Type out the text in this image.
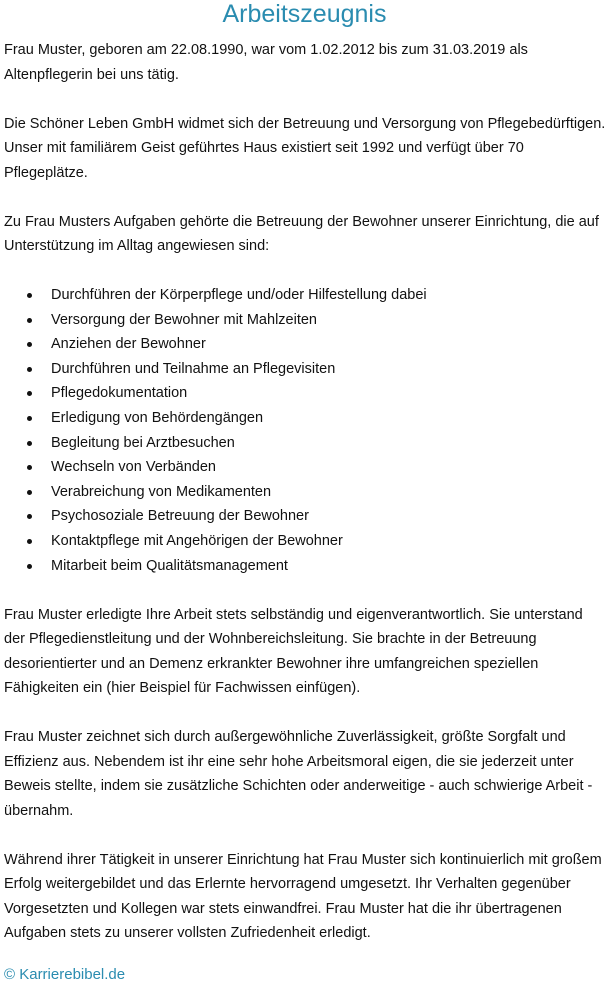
Arbeitszeugnis

Frau Muster, geboren am 22.08.1990, war vom 1.02.2012 bis zum 31.03.2019 als Altenpflegerin bei uns tätig.

Die Schöner Leben GmbH widmet sich der Betreuung und Versorgung von Pflegebedürftigen. Unser mit familiärem Geist geführtes Haus existiert seit 1992 und verfügt über 70 Pflegeplätze.

Zu Frau Musters Aufgaben gehörte die Betreuung der Bewohner unserer Einrichtung, die auf Unterstützung im Alltag angewiesen sind:

Durchführen der Körperpflege und/oder Hilfestellung dabei
Versorgung der Bewohner mit Mahlzeiten
Anziehen der Bewohner
Durchführen und Teilnahme an Pflegevisiten
Pflegedokumentation
Erledigung von Behördengängen
Begleitung bei Arztbesuchen
Wechseln von Verbänden
Verabreichung von Medikamenten
Psychosoziale Betreuung der Bewohner
Kontaktpflege mit Angehörigen der Bewohner
Mitarbeit beim Qualitätsmanagement

Frau Muster erledigte Ihre Arbeit stets selbständig und eigenverantwortlich. Sie unterstand der Pflegedienstleitung und der Wohnbereichsleitung. Sie brachte in der Betreuung desorientierter und an Demenz erkrankter Bewohner ihre umfangreichen speziellen Fähigkeiten ein (hier Beispiel für Fachwissen einfügen).

Frau Muster zeichnet sich durch außergewöhnliche Zuverlässigkeit, größte Sorgfalt und Effizienz aus. Nebendem ist ihr eine sehr hohe Arbeitsmoral eigen, die sie jederzeit unter Beweis stellte, indem sie zusätzliche Schichten oder anderweitige - auch schwierige Arbeit - übernahm.

Während ihrer Tätigkeit in unserer Einrichtung hat Frau Muster sich kontinuierlich mit großem Erfolg weitergebildet und das Erlernte hervorragend umgesetzt. Ihr Verhalten gegenüber Vorgesetzten und Kollegen war stets einwandfrei. Frau Muster hat die ihr übertragenen Aufgaben stets zu unserer vollsten Zufriedenheit erledigt.

© Karrierebibel.de
